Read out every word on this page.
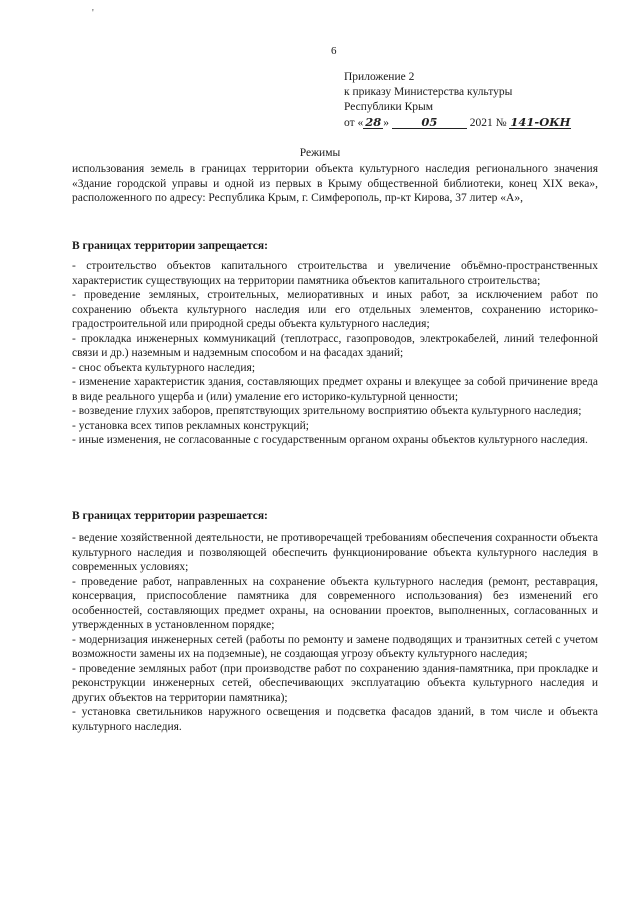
'
6
Приложение 2
к приказу Министерства культуры
Республики Крым
от « 28 »	05	2021 № 141-ОКН
Режимы

использования земель в границах территории объекта культурного наследия регионального значения «Здание городской управы и одной из первых в Крыму общественной библиотеки, конец XIX века», расположенного по адресу: Республика Крым, г. Симферополь, пр-кт Кирова, 37 литер «А»,

В границах территории запрещается:

- строительство объектов капитального строительства и увеличение объёмно-пространственных характеристик существующих на территории памятника объектов капитального строительства;

- проведение земляных, строительных, мелиоративных и иных работ, за исключением работ по сохранению объекта культурного наследия или его отдельных элементов, сохранению историко-градостроительной или природной среды объекта культурного наследия;

- прокладка инженерных коммуникаций (теплотрасс, газопроводов, электрокабелей, линий телефонной связи и др.) наземным и надземным способом и на фасадах зданий;

- снос объекта культурного наследия;

- изменение характеристик здания, составляющих предмет охраны и влекущее за собой причинение вреда в виде реального ущерба и (или) умаление его историко-культурной ценности;

- возведение глухих заборов, препятствующих зрительному восприятию объекта культурного наследия;

- установка всех типов рекламных конструкций;

- иные изменения, не согласованные с государственным органом охраны объектов культурного наследия.

В границах территории разрешается:

- ведение хозяйственной деятельности, не противоречащей требованиям обеспечения сохранности объекта культурного наследия и позволяющей обеспечить функционирование объекта культурного наследия в современных условиях;

- проведение работ, направленных на сохранение объекта культурного наследия (ремонт, реставрация, консервация, приспособление памятника для современного использования) без изменений его особенностей, составляющих предмет охраны, на основании проектов, выполненных, согласованных и утвержденных в установленном порядке;

- модернизация инженерных сетей (работы по ремонту и замене подводящих и транзитных сетей с учетом возможности замены их на подземные), не создающая угрозу объекту культурного наследия;

- проведение земляных работ (при производстве работ по сохранению здания-памятника, при прокладке и реконструкции инженерных сетей, обеспечивающих эксплуатацию объекта культурного наследия и других объектов на территории памятника);

- установка светильников наружного освещения и подсветка фасадов зданий, в том числе и объекта культурного наследия.
